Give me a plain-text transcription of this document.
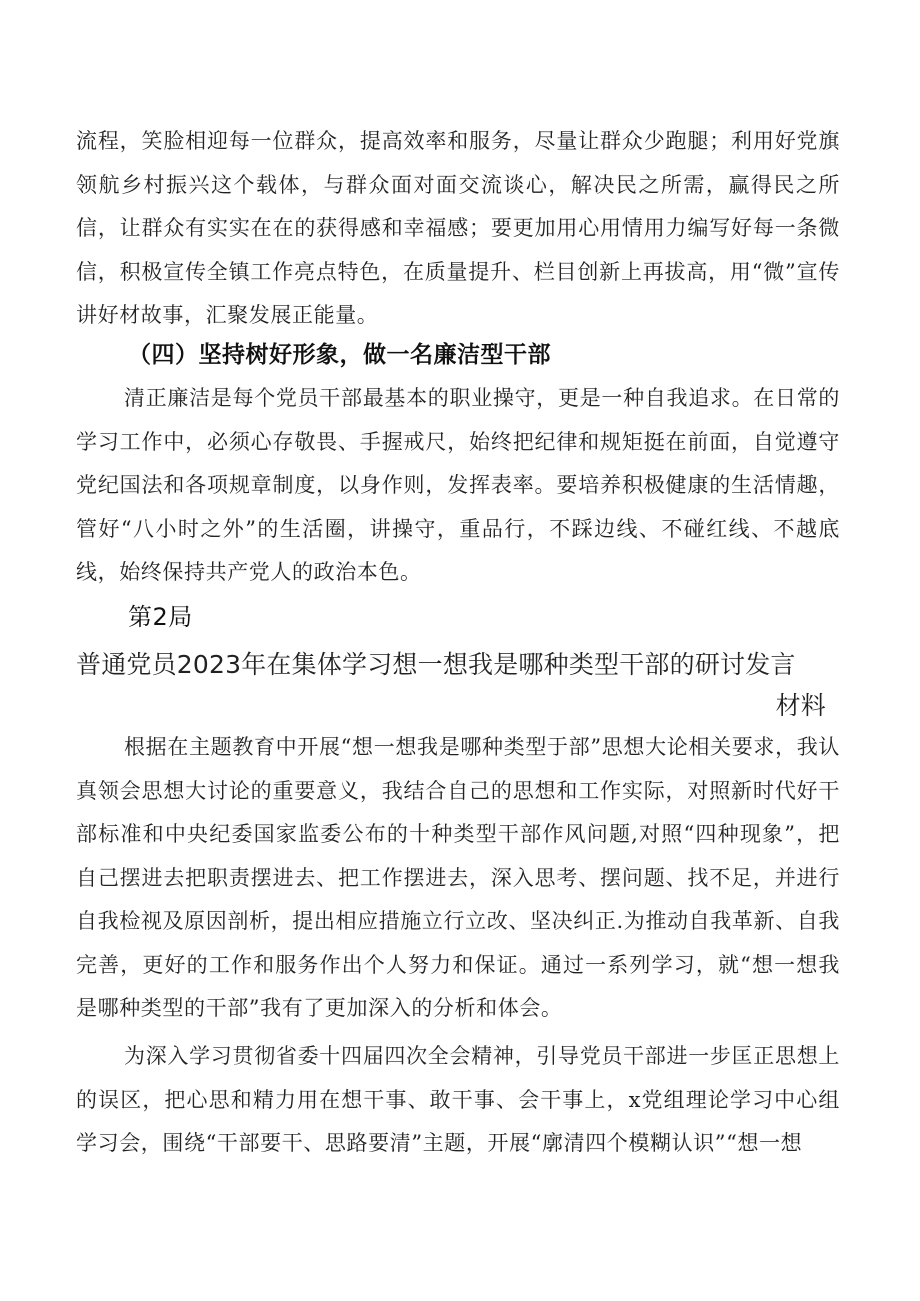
流程，笑脸相迎每一位群众，提高效率和服务，尽量让群众少跑腿；利用好党旗领航乡村振兴这个载体，与群众面对面交流谈心，解决民之所需，赢得民之所信，让群众有实实在在的获得感和幸福感；要更加用心用情用力编写好每一条微信，积极宣传全镇工作亮点特色，在质量提升、栏目创新上再拔高，用“微”宣传讲好材故事，汇聚发展正能量。

（四）坚持树好形象，做一名廉洁型干部

清正廉洁是每个党员干部最基本的职业操守，更是一种自我追求。在日常的学习工作中，必须心存敬畏、手握戒尺，始终把纪律和规矩挺在前面，自觉遵守党纪国法和各项规章制度，以身作则，发挥表率。要培养积极健康的生活情趣，管好“八小时之外”的生活圈，讲操守，重品行，不踩边线、不碰红线、不越底线，始终保持共产党人的政治本色。

第2局
普通党员2023年在集体学习想一想我是哪种类型干部的研讨发言
材料

根据在主题教育中开展“想一想我是哪种类型于部”思想大论相关要求，我认真领会思想大讨论的重要意义，我结合自己的思想和工作实际，对照新时代好干部标准和中央纪委国家监委公布的十种类型干部作风问题,对照“四种现象”，把自己摆进去把职责摆进去、把工作摆进去，深入思考、摆问题、找不足，并进行自我检视及原因剖析，提出相应措施立行立改、坚决纠正.为推动自我革新、自我完善，更好的工作和服务作出个人努力和保证。通过一系列学习，就“想一想我是哪种类型的干部”我有了更加深入的分析和体会。

为深入学习贯彻省委十四届四次全会精神，引导党员干部进一步匡正思想上的误区，把心思和精力用在想干事、敢干事、会干事上，x党组理论学习中心组学习会，围绕“干部要干、思路要清”主题，开展“廓清四个模糊认识”“想一想
